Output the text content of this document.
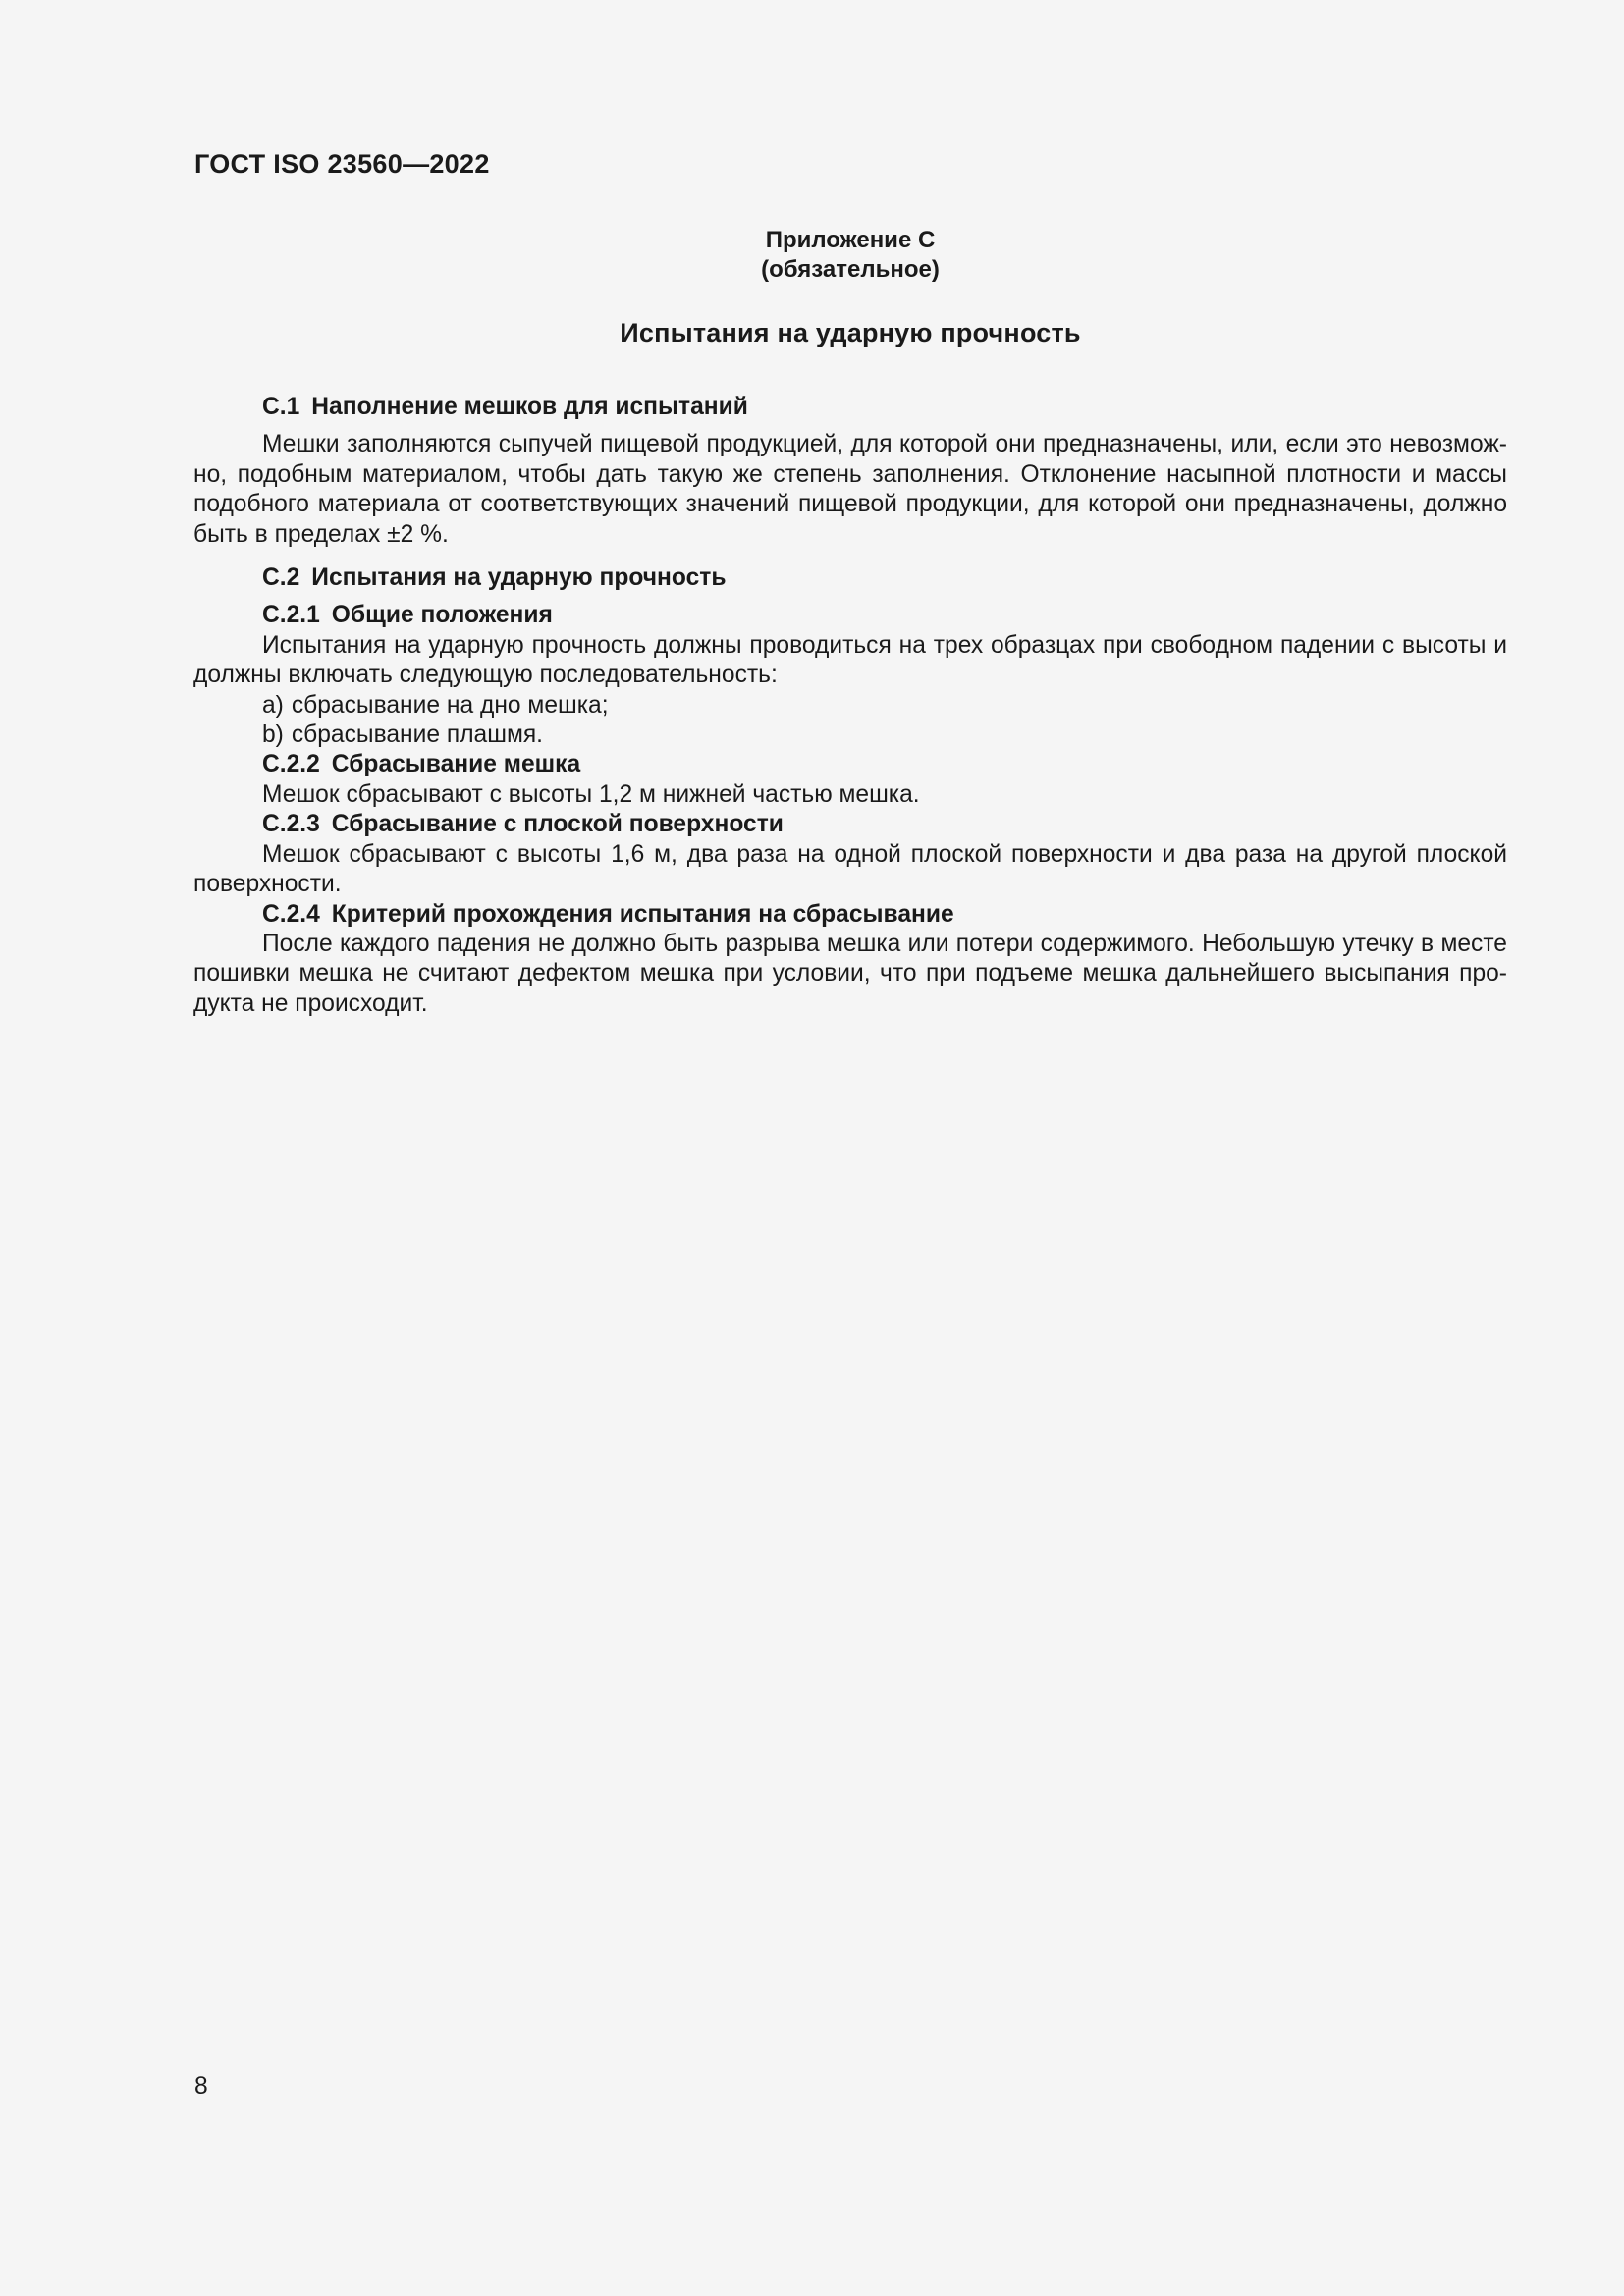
ГОСТ ISO 23560—2022
Приложение С
(обязательное)
Испытания на ударную прочность

С.1 Наполнение мешков для испытаний

Мешки заполняются сыпучей пищевой продукцией, для которой они предназначены, или, если это невозмож-но, подобным материалом, чтобы дать такую же степень заполнения. Отклонение насыпной плотности и массы подобного материала от соответствующих значений пищевой продукции, для которой они предназначены, должно быть в пределах ±2 %.

С.2 Испытания на ударную прочность

С.2.1 Общие положения

Испытания на ударную прочность должны проводиться на трех образцах при свободном падении с высоты и должны включать следующую последовательность:

a) сбрасывание на дно мешка;

b) сбрасывание плашмя.

С.2.2 Сбрасывание мешка

Мешок сбрасывают с высоты 1,2 м нижней частью мешка.

С.2.3 Сбрасывание с плоской поверхности

Мешок сбрасывают с высоты 1,6 м, два раза на одной плоской поверхности и два раза на другой плоской поверхности.

С.2.4 Критерий прохождения испытания на сбрасывание

После каждого падения не должно быть разрыва мешка или потери содержимого. Небольшую утечку в месте пошивки мешка не считают дефектом мешка при условии, что при подъеме мешка дальнейшего высыпания про-дукта не происходит.

8
